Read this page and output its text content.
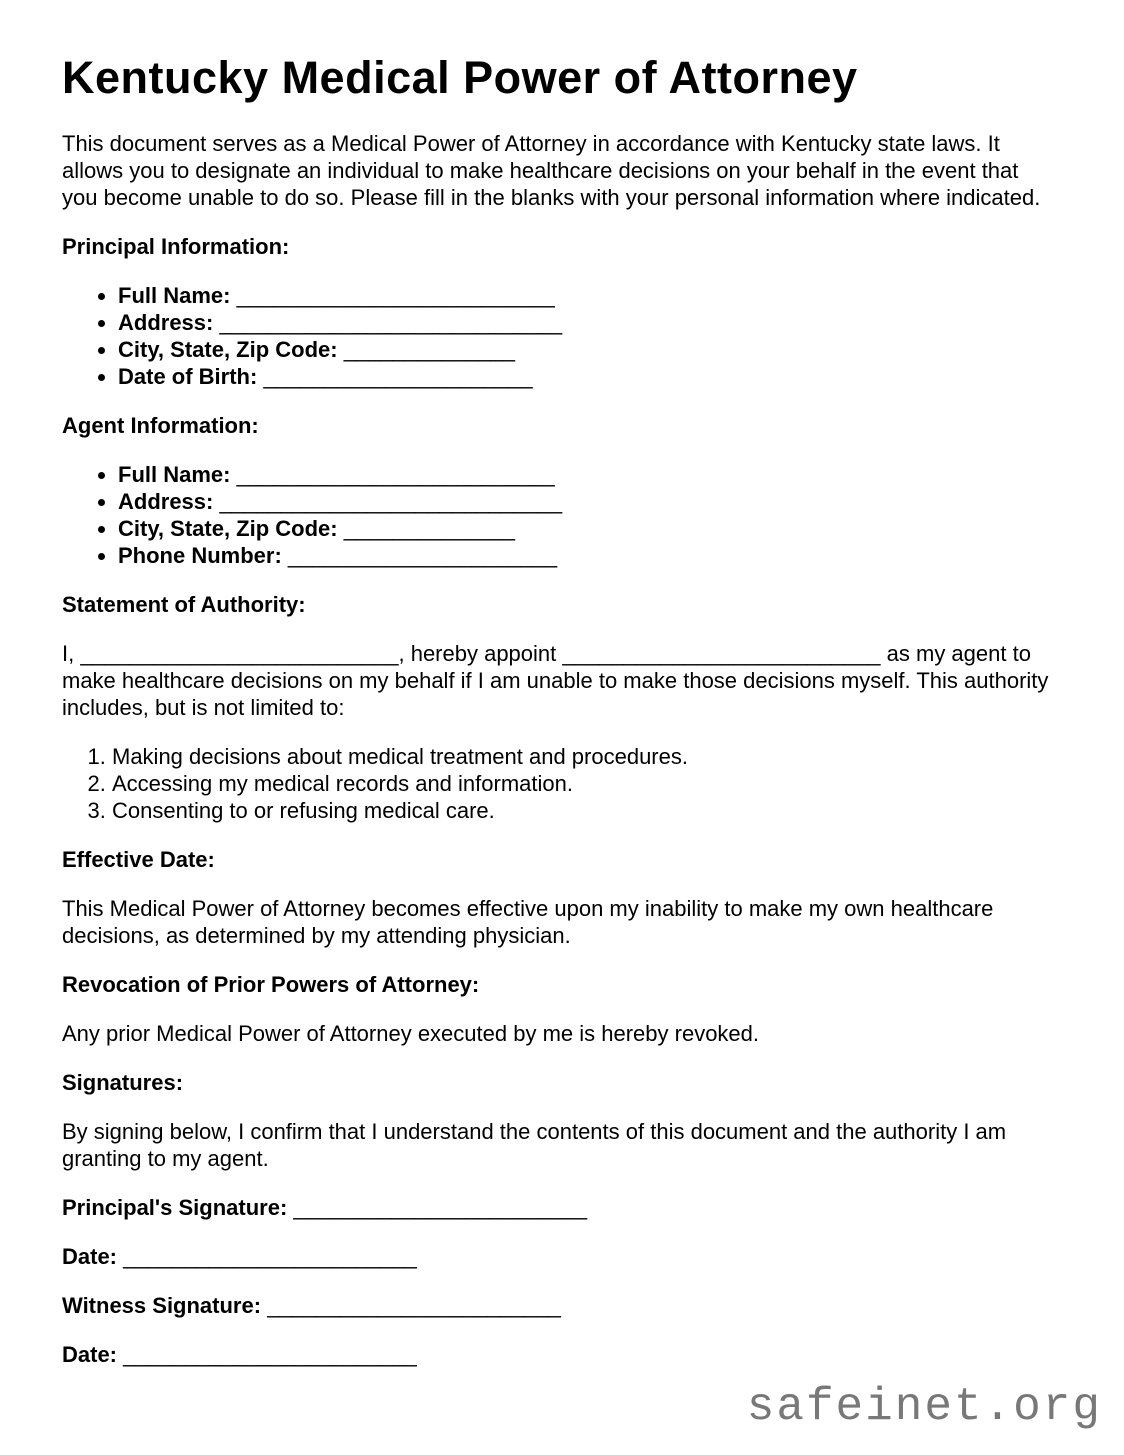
Kentucky Medical Power of Attorney

This document serves as a Medical Power of Attorney in accordance with Kentucky state laws. It allows you to designate an individual to make healthcare decisions on your behalf in the event that you become unable to do so. Please fill in the blanks with your personal information where indicated.

Principal Information:

• Full Name: __________________________
• Address: ____________________________
• City, State, Zip Code: ______________
• Date of Birth: ______________________

Agent Information:

• Full Name: __________________________
• Address: ____________________________
• City, State, Zip Code: ______________
• Phone Number: ______________________

Statement of Authority:

I, __________________________, hereby appoint __________________________ as my agent to make healthcare decisions on my behalf if I am unable to make those decisions myself. This authority includes, but is not limited to:

1. Making decisions about medical treatment and procedures.
2. Accessing my medical records and information.
3. Consenting to or refusing medical care.

Effective Date:

This Medical Power of Attorney becomes effective upon my inability to make my own healthcare decisions, as determined by my attending physician.

Revocation of Prior Powers of Attorney:

Any prior Medical Power of Attorney executed by me is hereby revoked.

Signatures:

By signing below, I confirm that I understand the contents of this document and the authority I am granting to my agent.

Principal's Signature: ________________________

Date: ________________________

Witness Signature: ________________________

Date: ________________________

safeinet.org
